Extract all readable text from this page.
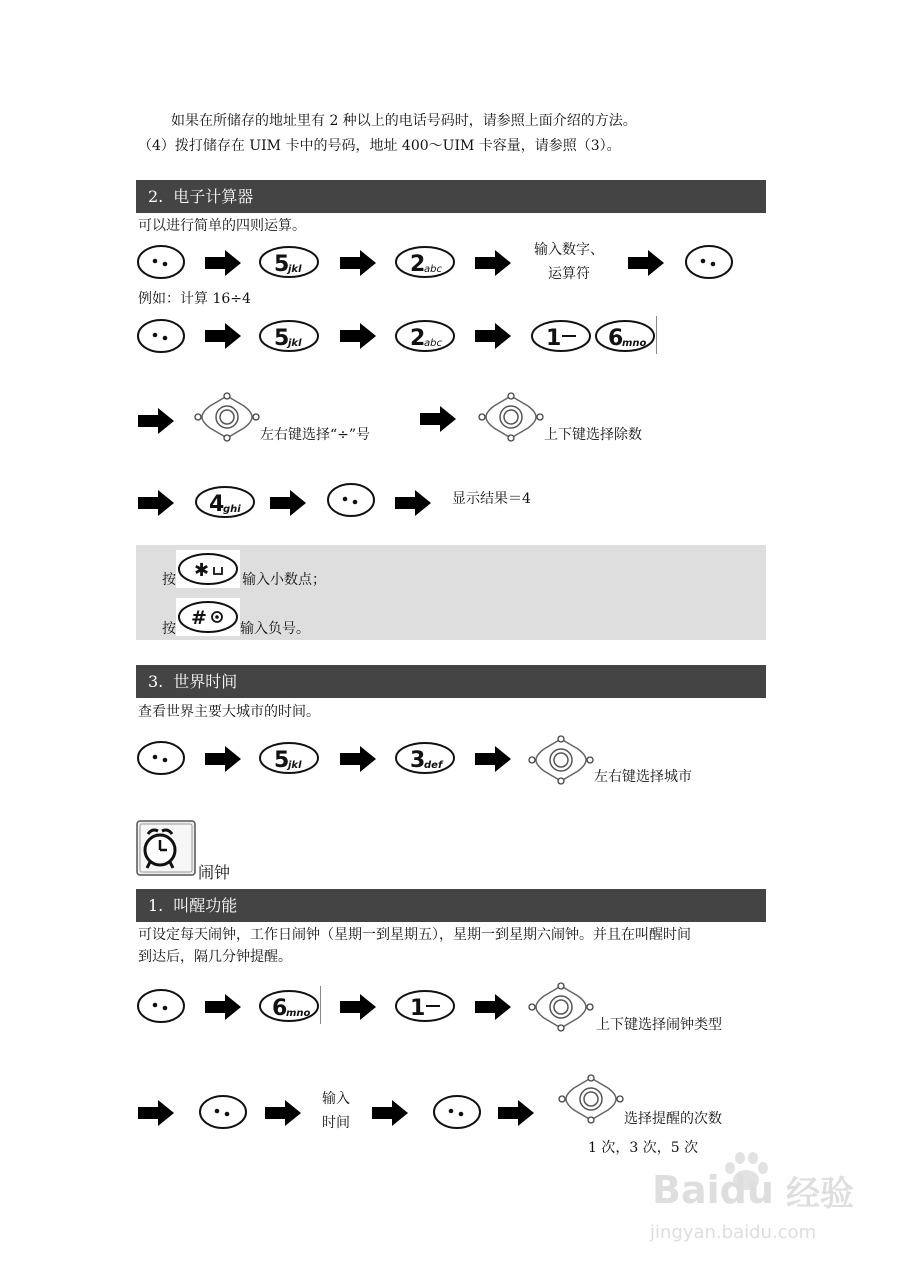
如果在所储存的地址里有 2 种以上的电话号码时，请参照上面介绍的方法。
（4）拨打储存在 UIM 卡中的号码，地址 400～UIM 卡容量，请参照（3）。
2. 电子计算器
可以进行简单的四则运算。
5
jkl	2
abc
输入数字、
运算符
例如：计算 16÷4
5
jkl	2
abc	1 6
mno
左右键选择“÷”号	上下键选择除数
4
ghi
显示结果＝4
按 ✱ 输入小数点；
按 # 输入负号。
3. 世界时间
查看世界主要大城市的时间。
5
jkl	3
def
左右键选择城市
闹钟
1. 叫醒功能
可设定每天闹钟，工作日闹钟（星期一到星期五），星期一到星期六闹钟。并且在叫醒时间
到达后，隔几分钟提醒。
6
mno	1
上下键选择闹钟类型
输入
时间	选择提醒的次数
1 次，3 次，5 次
Baidu 经验
jingyan.baidu.com
